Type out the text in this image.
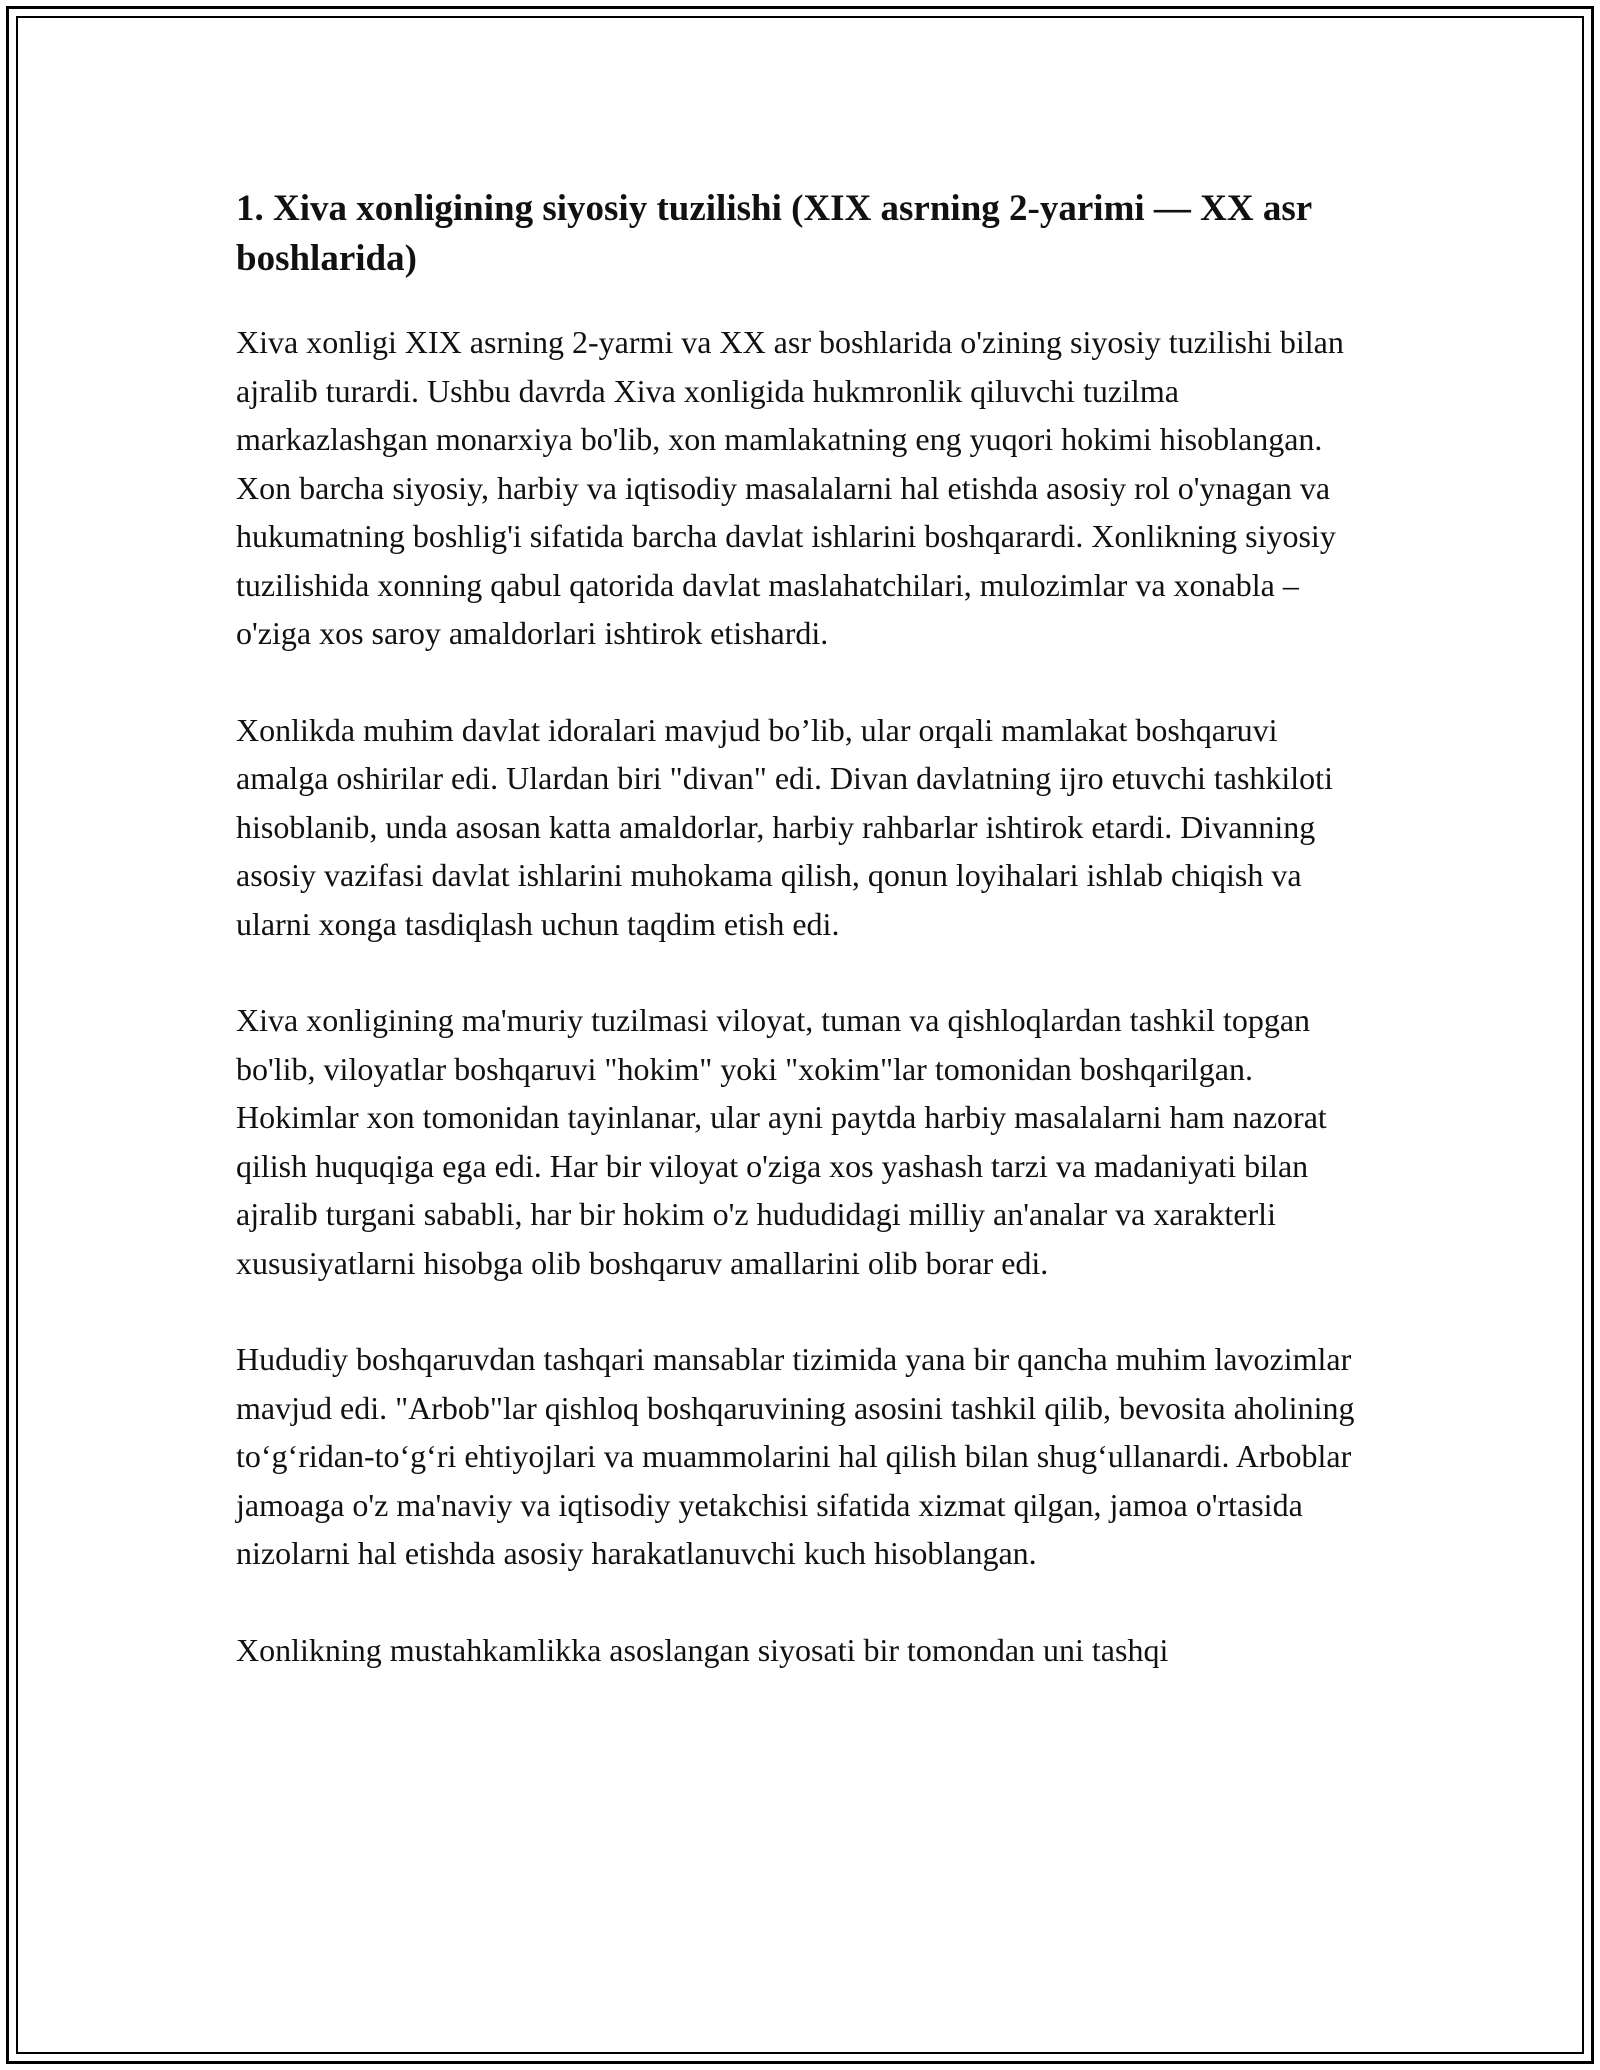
1. Xiva xonligining siyosiy tuzilishi (XIX asrning 2-yarimi — XX asr boshlarida)

Xiva xonligi XIX asrning 2-yarmi va XX asr boshlarida o'zining siyosiy tuzilishi bilan ajralib turardi. Ushbu davrda Xiva xonligida hukmronlik qiluvchi tuzilma markazlashgan monarxiya bo'lib, xon mamlakatning eng yuqori hokimi hisoblangan. Xon barcha siyosiy, harbiy va iqtisodiy masalalarni hal etishda asosiy rol o'ynagan va hukumatning boshlig'i sifatida barcha davlat ishlarini boshqarardi. Xonlikning siyosiy tuzilishida xonning qabul qatorida davlat maslahatchilari, mulozimlar va xonabla – o'ziga xos saroy amaldorlari ishtirok etishardi.

Xonlikda muhim davlat idoralari mavjud bo’lib, ular orqali mamlakat boshqaruvi amalga oshirilar edi. Ulardan biri "divan" edi. Divan davlatning ijro etuvchi tashkiloti hisoblanib, unda asosan katta amaldorlar, harbiy rahbarlar ishtirok etardi. Divanning asosiy vazifasi davlat ishlarini muhokama qilish, qonun loyihalari ishlab chiqish va ularni xonga tasdiqlash uchun taqdim etish edi.

Xiva xonligining ma'muriy tuzilmasi viloyat, tuman va qishloqlardan tashkil topgan bo'lib, viloyatlar boshqaruvi "hokim" yoki "xokim"lar tomonidan boshqarilgan. Hokimlar xon tomonidan tayinlanar, ular ayni paytda harbiy masalalarni ham nazorat qilish huquqiga ega edi. Har bir viloyat o'ziga xos yashash tarzi va madaniyati bilan ajralib turgani sababli, har bir hokim o'z hududidagi milliy an'analar va xarakterli xususiyatlarni hisobga olib boshqaruv amallarini olib borar edi.

Hududiy boshqaruvdan tashqari mansablar tizimida yana bir qancha muhim lavozimlar mavjud edi. "Arbob"lar qishloq boshqaruvining asosini tashkil qilib, bevosita aholining to‘g‘ridan-to‘g‘ri ehtiyojlari va muammolarini hal qilish bilan shug‘ullanardi. Arboblar jamoaga o'z ma'naviy va iqtisodiy yetakchisi sifatida xizmat qilgan, jamoa o'rtasida nizolarni hal etishda asosiy harakatlanuvchi kuch hisoblangan.

Xonlikning mustahkamlikka asoslangan siyosati bir tomondan uni tashqi
